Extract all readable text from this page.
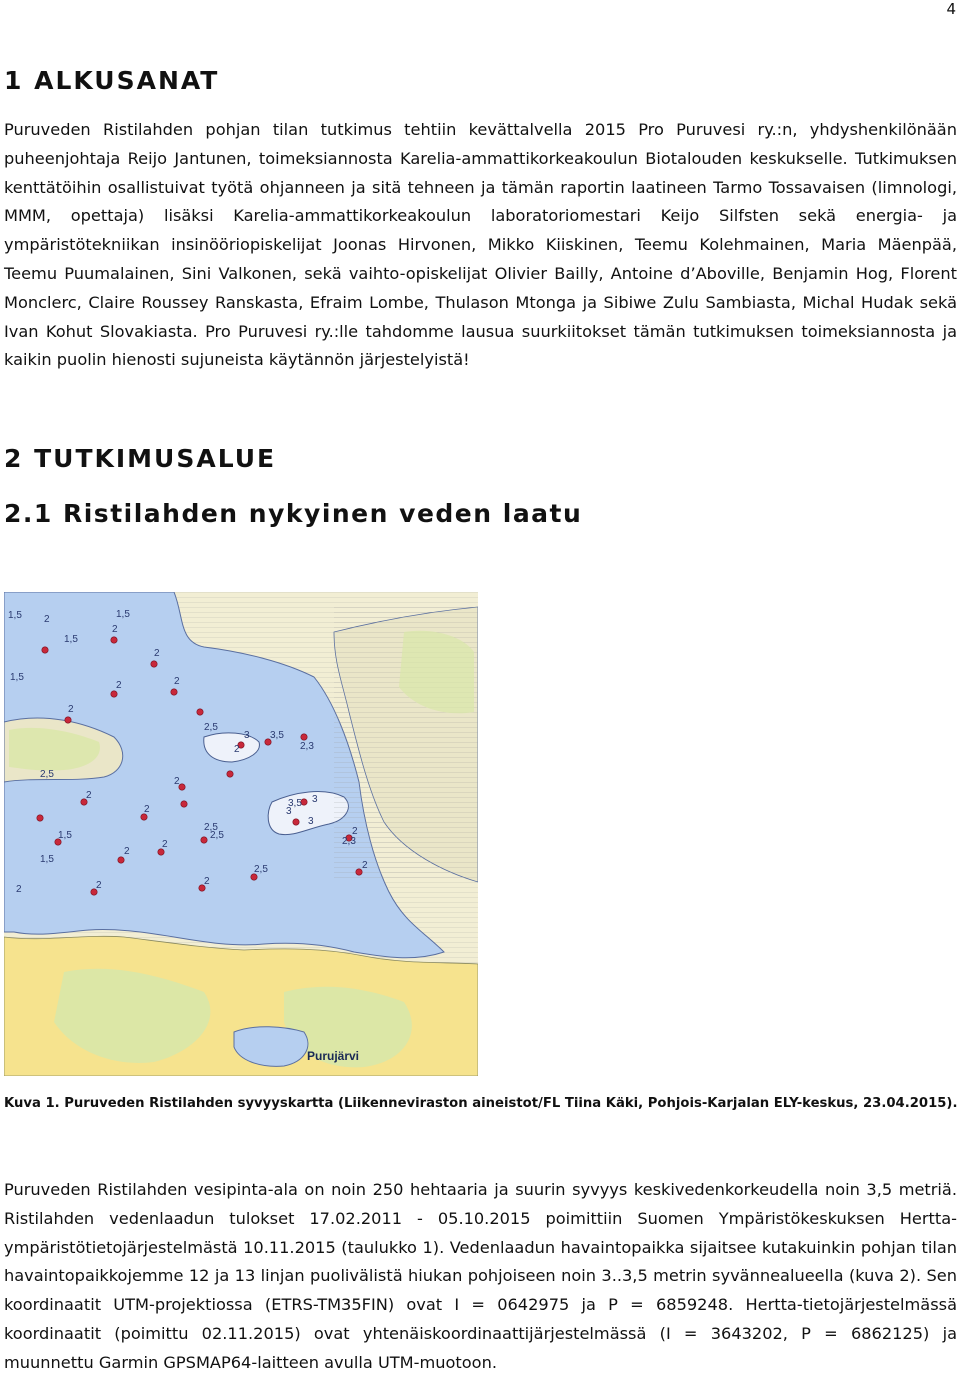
4
1 ALKUSANAT

Puruveden Ristilahden pohjan tilan tutkimus tehtiin kevättalvella 2015 Pro Puruvesi ry.:n, yhdyshenkilönään puheenjohtaja Reijo Jantunen, toimeksiannosta Karelia-ammattikorkeakoulun Biotalouden keskukselle. Tutkimuksen kenttätöihin osallistuivat työtä ohjanneen ja sitä tehneen ja tämän raportin laatineen Tarmo Tossavaisen (limnologi, MMM, opettaja) lisäksi Karelia-ammattikorkeakoulun laboratoriomestari Keijo Silfsten sekä energia- ja ympäristötekniikan insinööriopiskelijat Joonas Hirvonen, Mikko Kiiskinen, Teemu Kolehmainen, Maria Mäenpää, Teemu Puumalainen, Sini Valkonen, sekä vaihto-opiskelijat Olivier Bailly, Antoine d’Aboville, Benjamin Hog, Florent Monclerc, Claire Roussey Ranskasta, Efraim Lombe, Thulason Mtonga ja Sibiwe Zulu Sambiasta, Michal Hudak sekä Ivan Kohut Slovakiasta. Pro Puruvesi ry.:lle tahdomme lausua suurkiitokset tämän tutkimuksen toimeksiannosta ja kaikin puolin hienosti sujuneista käytännön järjestelyistä!

2 TUTKIMUSALUE
2.1 Ristilahden nykyinen veden laatu
1,5 2
2
2
1,5
1,5
1,5	2
2,5
2
2
2
3
3
3,5
2,3
2
2,5
3
3,5
3
2
2,5
2
1,5
2
2
2,5	2
2,3
2
2
1,5
2,5
2
2
Purujärvi

Kuva 1. Puruveden Ristilahden syvyyskartta (Liikenneviraston aineistot/FL Tiina Käki, Pohjois-Karjalan ELY-keskus, 23.04.2015).

Puruveden Ristilahden vesipinta-ala on noin 250 hehtaaria ja suurin syvyys keskivedenkorkeudella noin 3,5 metriä. Ristilahden vedenlaadun tulokset 17.02.2011 - 05.10.2015 poimittiin Suomen Ympäristökeskuksen Hertta-ympäristötietojärjestelmästä 10.11.2015 (taulukko 1). Vedenlaadun havaintopaikka sijaitsee kutakuinkin pohjan tilan havaintopaikkojemme 12 ja 13 linjan puolivälistä hiukan pohjoiseen noin 3..3,5 metrin syvännealueella (kuva 2). Sen koordinaatit UTM-projektiossa (ETRS-TM35FIN) ovat I = 0642975 ja P = 6859248. Hertta-tietojärjestelmässä koordinaatit (poimittu 02.11.2015) ovat yhtenäiskoordinaattijärjestelmässä (I = 3643202, P = 6862125) ja muunnettu Garmin GPSMAP64-laitteen avulla UTM-muotoon.
